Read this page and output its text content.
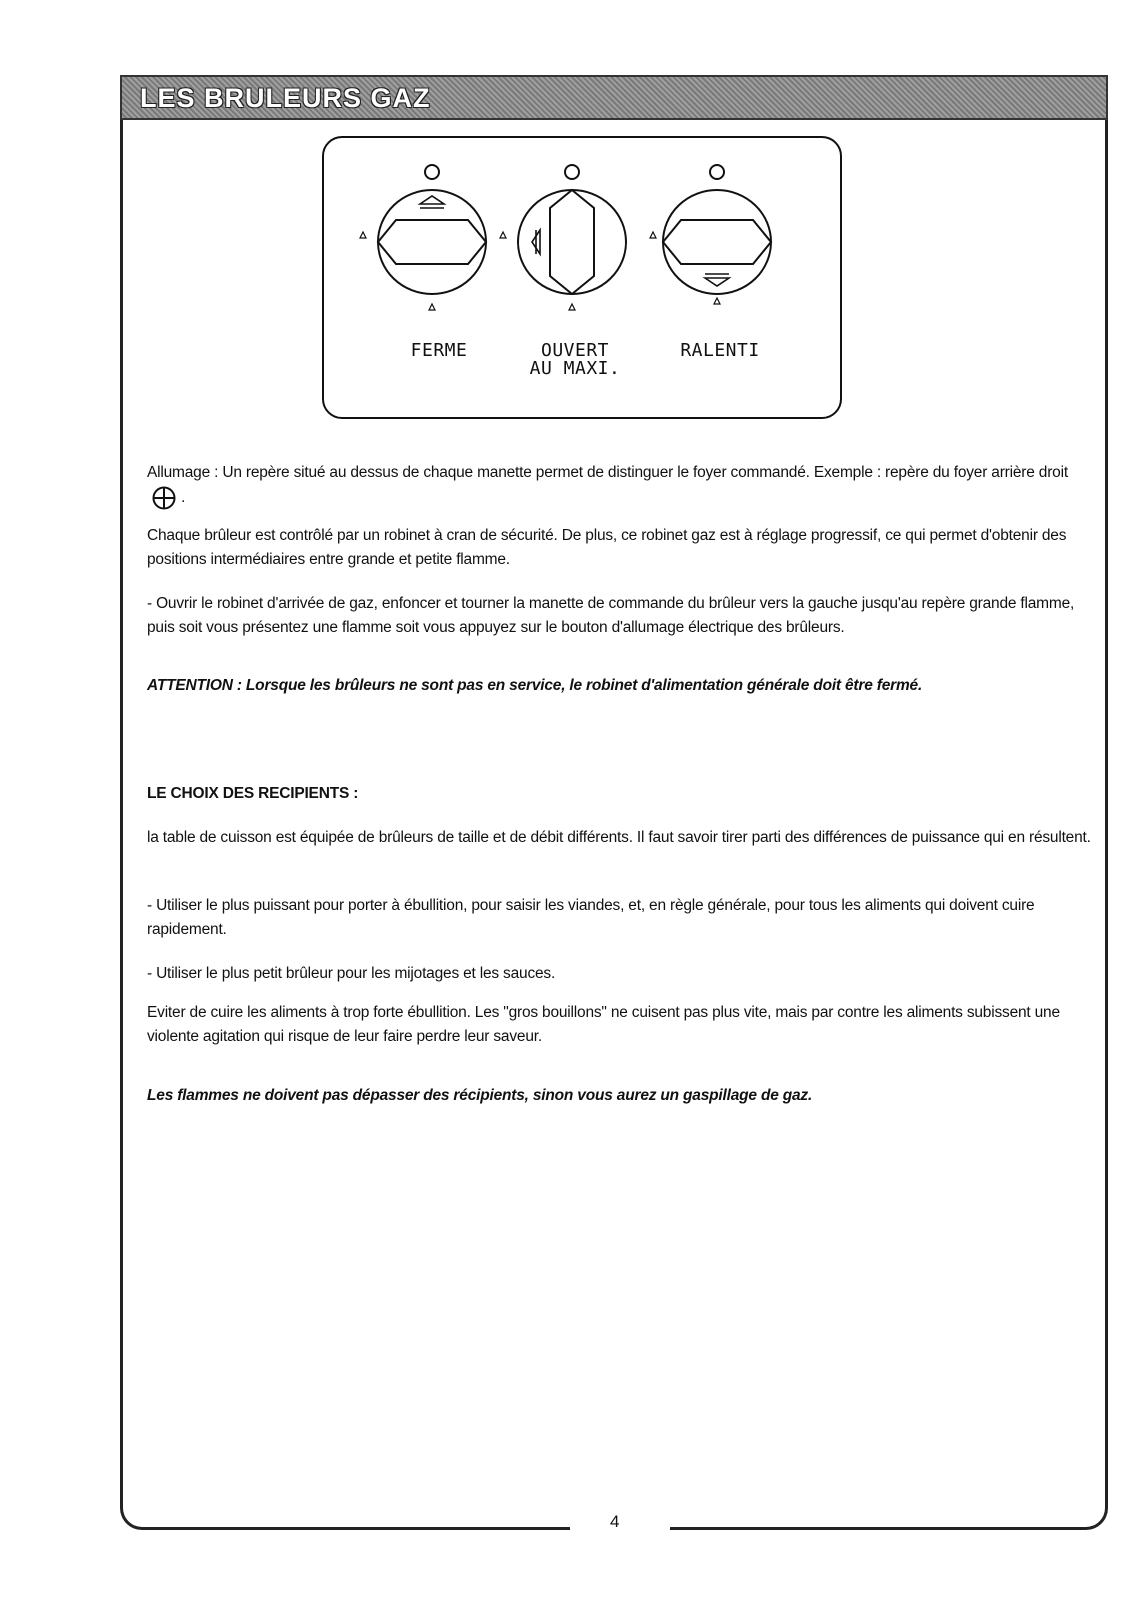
4
LES BRULEURS GAZ
FERME	OUVERT
AU MAXI.
RALENTI
Allumage : Un repère situé au dessus de chaque manette permet de distinguer le foyer commandé. Exemple : repère du foyer arrière droit  .
Chaque brûleur est contrôlé par un robinet à cran de sécurité. De plus, ce robinet gaz est à réglage progressif, ce qui permet d'obtenir des positions intermédiaires entre grande et petite flamme.
- Ouvrir le robinet d'arrivée de gaz, enfoncer et tourner la manette de commande du brûleur vers la gauche jusqu'au repère grande flamme, puis soit vous présentez une flamme soit vous appuyez sur le bouton d'allumage électrique des brûleurs.
ATTENTION : Lorsque les brûleurs ne sont pas en service, le robinet d'alimentation générale doit être fermé.
LE CHOIX DES RECIPIENTS :
la table de cuisson est équipée de brûleurs de taille et de débit différents. Il faut savoir tirer parti des différences de puissance qui en résultent.
- Utiliser le plus puissant pour porter à ébullition, pour saisir les viandes, et, en règle générale, pour tous les aliments qui doivent cuire rapidement.
- Utiliser le plus petit brûleur pour les mijotages et les sauces.
Eviter de cuire les aliments à trop forte ébullition. Les "gros bouillons" ne cuisent pas plus vite, mais par contre les aliments subissent une violente agitation qui risque de leur faire perdre leur saveur.
Les flammes ne doivent pas dépasser des récipients, sinon vous aurez un gaspillage de gaz.
